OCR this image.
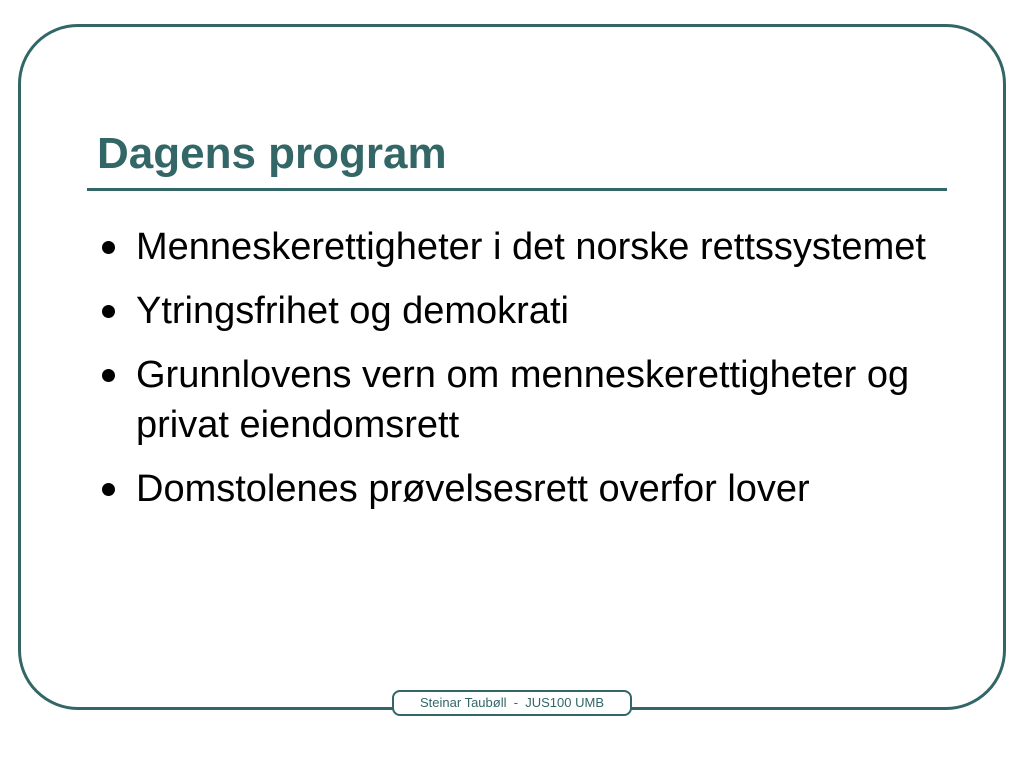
Dagens program
Menneskerettigheter i det norske rettssystemet
Ytringsfrihet og demokrati
Grunnlovens vern om menneskerettigheter og privat eiendomsrett
Domstolenes prøvelsesrett overfor lover
Steinar Taubøll  -  JUS100 UMB
